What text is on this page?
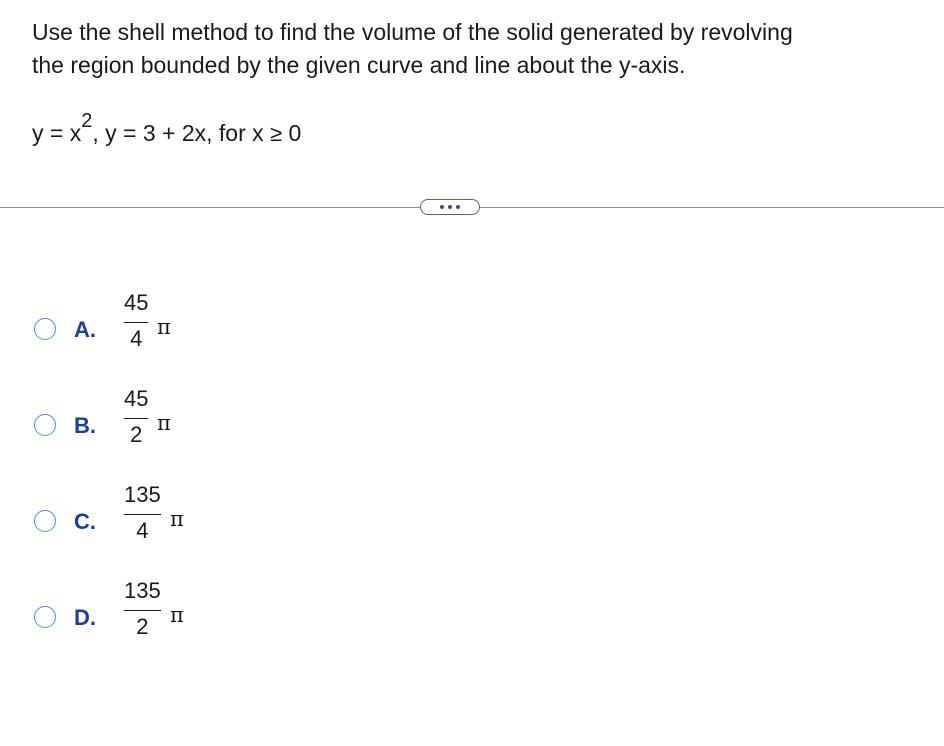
Use the shell method to find the volume of the solid generated by revolving
the region bounded by the given curve and line about the y-axis.
y = x2, y = 3 + 2x, for x ≥ 0
A.
45
4 π
B.
45
2 π
C.
135
4	π
D.
135
2	π
